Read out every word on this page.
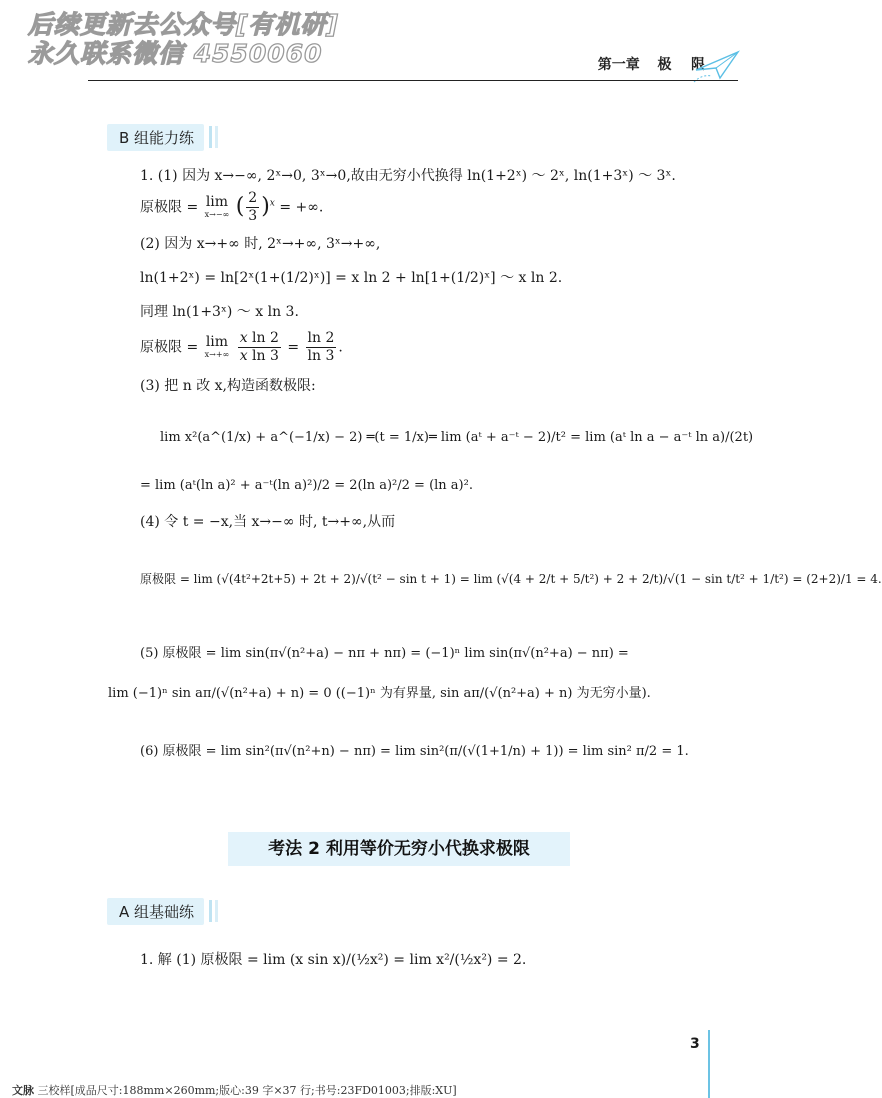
后续更新去公众号[有机研]
永久联系微信 4550060	第一章 极    限
B 组能力练
1. (1) 因为 x→−∞, 2ˣ→0, 3ˣ→0,故由无穷小代换得 ln(1+2ˣ) ～ 2ˣ, ln(1+3ˣ) ～ 3ˣ.
原极限 = lim
x→−∞ ( $\frac{2}{3} )^x$ = +∞.
(2) 因为 x→+∞ 时, 2ˣ→+∞, 3ˣ→+∞,
ln(1+2ˣ) = ln[2ˣ(1+(1/2)ˣ)] = x ln 2 + ln[1+(1/2)ˣ] ～ x ln 2.
同理 ln(1+3ˣ) ～ x ln 3.
原极限 = lim
x→+∞
$\frac{\text{x ln 2}}{\text{x ln 3}} = \frac{\ln 2}{\ln 3}$ .
(3) 把 n 改 x,构造函数极限:
lim x²(a^(1/x) + a^(−1/x) − 2) ═(t = 1/x)═ lim (aᵗ + a⁻ᵗ − 2)/t² = lim (aᵗ ln a − a⁻ᵗ ln a)/(2t)
= lim (aᵗ(ln a)² + a⁻ᵗ(ln a)²)/2 = 2(ln a)²/2 = (ln a)².
(4) 令 t = −x,当 x→−∞ 时, t→+∞,从而
原极限 = lim (√(4t²+2t+5) + 2t + 2)/√(t² − sin t + 1) = lim (√(4 + 2/t + 5/t²) + 2 + 2/t)/√(1 − sin t/t² + 1/t²) = (2+2)/1 = 4.
(5) 原极限 = lim sin(π√(n²+a) − nπ + nπ) = (−1)ⁿ lim sin(π√(n²+a) − nπ) =
lim (−1)ⁿ sin aπ/(√(n²+a) + n) = 0 ((−1)ⁿ 为有界量, sin aπ/(√(n²+a) + n) 为无穷小量).
(6) 原极限 = lim sin²(π√(n²+n) − nπ) = lim sin²(π/(√(1+1/n) + 1)) = lim sin² π/2 = 1.
考法 2 利用等价无穷小代换求极限
A 组基础练
1. 解 (1) 原极限 = lim (x sin x)/(½x²) = lim x²/(½x²) = 2.
3
文脉 三校样[成品尺寸:188mm×260mm;版心:39 字×37 行;书号:23FD01003;排版:XU]
